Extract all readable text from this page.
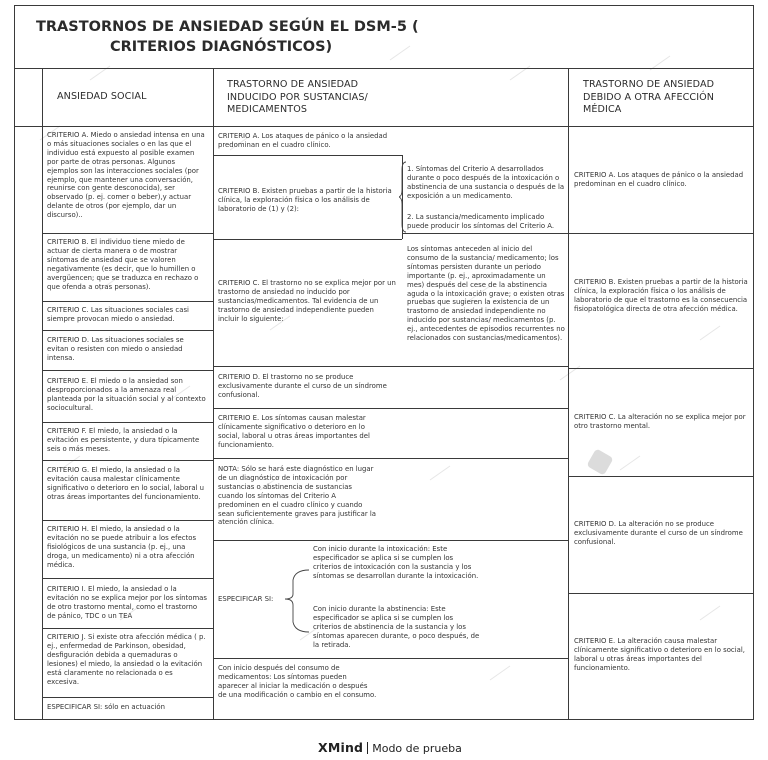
TRASTORNOS DE ANSIEDAD SEGÚN EL DSM-5 (
CRITERIOS DIAGNÓSTICOS)
ANSIEDAD SOCIAL
TRASTORNO DE ANSIEDAD
INDUCIDO POR SUSTANCIAS/
MEDICAMENTOS
TRASTORNO DE ANSIEDAD
DEBIDO A OTRA AFECCIÓN
MÉDICA
CRITERIO A. Miedo o ansiedad intensa en una o más situaciones sociales o en las que el individuo está expuesto al posible examen por parte de otras personas. Algunos ejemplos son las interacciones sociales (por ejemplo, que mantener una conversación, reunirse con gente desconocida), ser observado (p. ej. comer o beber),y actuar delante de otros (por ejemplo, dar un discurso)..
CRITERIO B. El individuo tiene miedo de actuar de cierta manera o de mostrar síntomas de ansiedad que se valoren negativamente (es decir, que lo humillen o avergüencen; que se traduzca en rechazo o que ofenda a otras personas).
CRITERIO C. Las situaciones sociales casi siempre provocan miedo o ansiedad.
CRITERIO D. Las situaciones sociales se evitan o resisten con miedo o ansiedad intensa.
CRITERIO E. El miedo o la ansiedad son desproporcionados a la amenaza real planteada por la situación social y al contexto sociocultural.
CRITERIO F. El miedo, la ansiedad o la evitación es persistente, y dura típicamente seis o más meses.
CRITERIO G. El miedo, la ansiedad o la evitación causa malestar clínicamente significativo o deterioro en lo social, laboral u otras áreas importantes del funcionamiento.
CRITERIO H. El miedo, la ansiedad o la evitación no se puede atribuir a los efectos fisiológicos de una sustancia (p. ej., una droga, un medicamento) ni a otra afección médica.
CRITERIO I. El miedo, la ansiedad o la evitación no se explica mejor por los síntomas de otro trastorno mental, como el trastorno de pánico, TDC o un TEA
CRITERIO J. Si existe otra afección médica ( p. ej., enfermedad de Parkinson, obesidad, desfiguración debida a quemaduras o lesiones) el miedo, la ansiedad o la evitación está claramente no relacionada o es excesiva.
ESPECIFICAR SI: sólo en actuación
CRITERIO A. Los ataques de pánico o la ansiedad predominan en el cuadro clínico.
CRITERIO B. Existen pruebas a partir de la historia clínica, la exploración física o los análisis de laboratorio de (1) y (2):
1. Síntomas del Criterio A desarrollados durante o poco después de la intoxicación o abstinencia de una sustancia o después de la exposición a un medicamento.
2. La sustancia/medicamento implicado puede producir los síntomas del Criterio A.
CRITERIO C. El trastorno no se explica mejor por un trastorno de ansiedad no inducido por sustancias/medicamentos. Tal evidencia de un trastorno de ansiedad independiente pueden incluir lo siguiente:
Los síntomas anteceden al inicio del consumo de la sustancia/ medicamento; los síntomas persisten durante un periodo importante (p. ej., aproximadamente un mes) después del cese de la abstinencia aguda o la intoxicación grave; o existen otras pruebas que sugieren la existencia de un trastorno de ansiedad independiente no inducido por sustancias/ medicamentos (p. ej., antecedentes de episodios recurrentes no relacionados con sustancias/medicamentos).
CRITERIO D. El trastorno no se produce exclusivamente durante el curso de un síndrome confusional.
CRITERIO E. Los síntomas causan malestar clínicamente significativo o deterioro en lo social, laboral u otras áreas importantes del funcionamiento.
NOTA: Sólo se hará este diagnóstico en lugar de un diagnóstico de intoxicación por sustancias o abstinencia de sustancias cuando los síntomas del Criterio A predominen en el cuadro clínico y cuando sean suficientemente graves para justificar la atención clínica.
ESPECIFICAR SI:
Con inicio durante la intoxicación: Este especificador se aplica si se cumplen los criterios de intoxicación con la sustancia y los síntomas se desarrollan durante la intoxicación.
Con inicio durante la abstinencia: Este especificador se aplica si se cumplen los criterios de abstinencia de la sustancia y los síntomas aparecen durante, o poco después, de la retirada.
Con inicio después del consumo de medicamentos: Los síntomas pueden aparecer al iniciar la medicación o después de una modificación o cambio en el consumo.
CRITERIO A. Los ataques de pánico o la ansiedad predominan en el cuadro clínico.
CRITERIO B. Existen pruebas a partir de la historia clínica, la exploración física o los análisis de laboratorio de que el trastorno es la consecuencia fisiopatológica directa de otra afección médica.
CRITERIO C. La alteración no se explica mejor por otro trastorno mental.
CRITERIO D. La alteración no se produce exclusivamente durante el curso de un síndrome confusional.
CRITERIO E. La alteración causa malestar clínicamente significativo o deterioro en lo social, laboral u otras áreas importantes del funcionamiento.
XMind Modo de prueba
